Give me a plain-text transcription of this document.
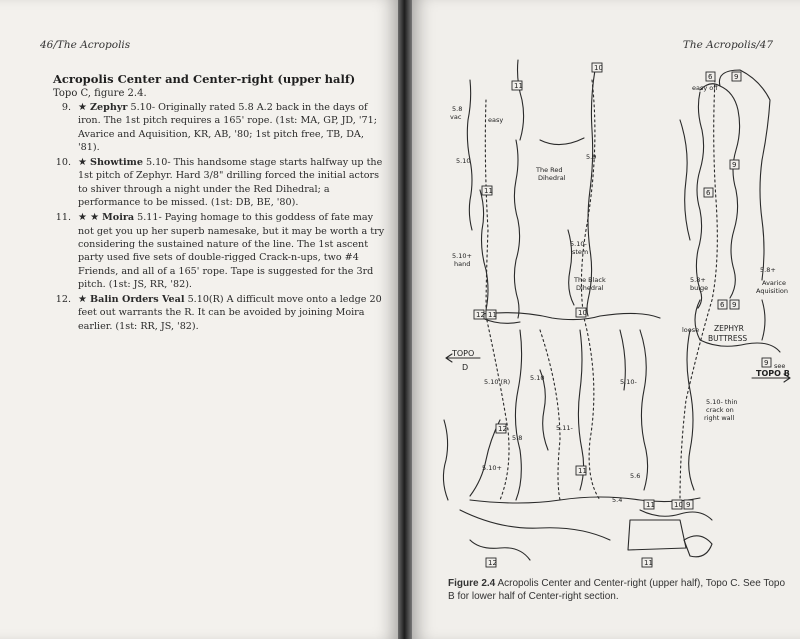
46/The Acropolis
Acropolis Center and Center-right (upper half)
Topo C, figure 2.4.
9. ★ Zephyr 5.10- Originally rated 5.8 A.2 back in the days of iron. The 1st pitch requires a 165' rope. (1st: MA, GP, JD, '71; Avarice and Aquisition, KR, AB, '80; 1st pitch free, TB, DA, '81).
10. ★ Showtime 5.10- This handsome stage starts halfway up the 1st pitch of Zephyr. Hard 3/8" drilling forced the initial actors to shiver through a night under the Red Dihedral; a performance to be missed. (1st: DB, BE, '80).
11. ★ ★ Moira 5.11- Paying homage to this goddess of fate may not get you up her superb namesake, but it may be worth a try considering the sustained nature of the line. The 1st ascent party used five sets of double-rigged Crack-n-ups, two #4 Friends, and all of a 165' rope. Tape is suggested for the 3rd pitch. (1st: JS, RR, '82).
12. ★ Balin Orders Veal 5.10(R) A difficult move onto a ledge 20 feet out warrants the R. It can be avoided by joining Moira earlier. (1st: RR, JS, '82).
The Acropolis/47
10
11
6	9
9
6
11
12 11	10
6 9
9
12
11
11	10 9
12	11
5.8
vac	easy
5.10	5.9
The Red
Dihedral
5.10+
hand
5.10-
stem
The Black
Dihedral
easy off
5.8+
bulge
5.8+
Avarice
Aquisition
loose ZEPHYR
BUTTRESS
TOPO
D	see
TOPO B
5.10 (R)	5.10	5.10-
5.11-
5.8
5.10+
5.6
5.10- thin
crack on
right wall
5.4
Figure 2.4 Acropolis Center and Center-right (upper half), Topo C. See Topo B for lower half of Center-right section.
